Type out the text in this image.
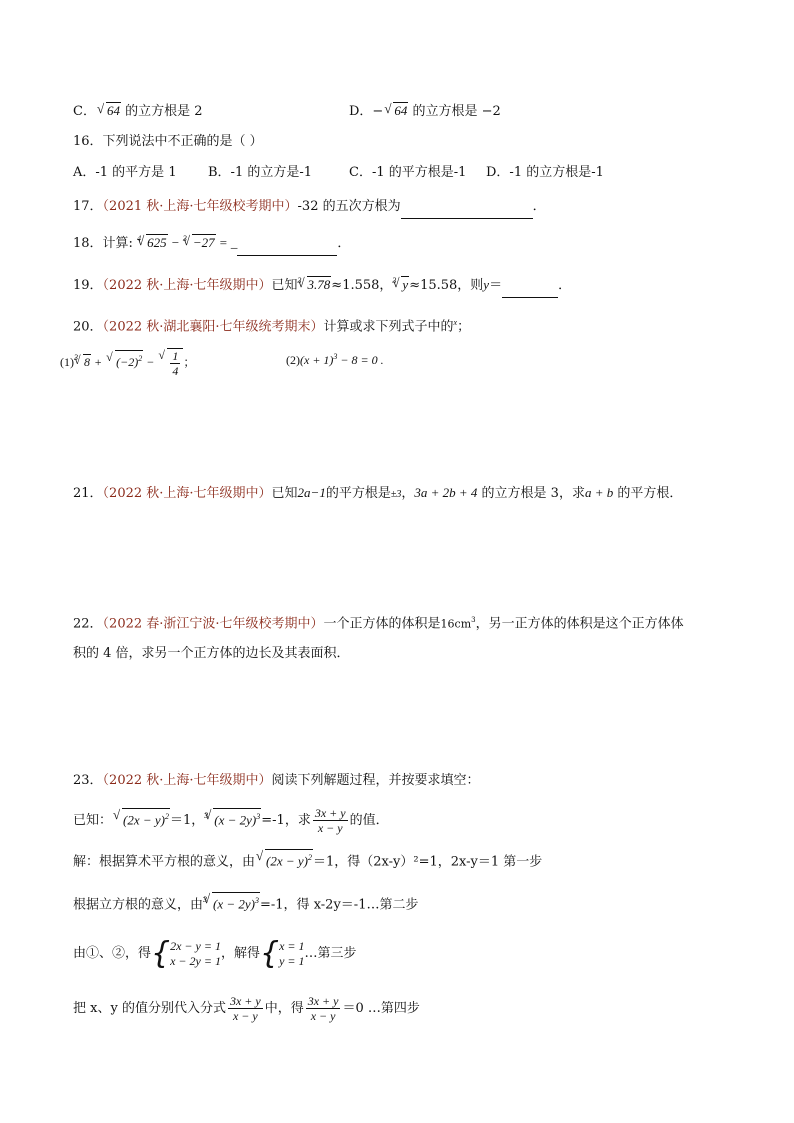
C．√ 64 的立方根是 2	D．−√ 64 的立方根是 −2
16．下列说法中不正确的是（ ）
A．-1 的平方是 1 B．-1 的立方是-1	C．-1 的平方根是-1 D．-1 的立方根是-1
17．（2021 秋·上海·七年级校考期中）-32 的五次方根为	．
18．计算: $^4$√ 625 − $^3$√ −27 = _	．
19．（2022 秋·上海·七年级期中）已知$^3$√ 3.78≈1.558，$^3$√ y≈15.58，则y＝	．
20．（2022 秋·湖北襄阳·七年级统考期末）计算或求下列式子中的$^x$；
$(1)^3√$ 8 + √ $(-2)^2$ −
√ $\frac{1}{4}$ ；	$(2)(x + 1)^3 - 8 = 0$ .
21．（2022 秋·上海·七年级期中）已知2a−1的平方根是±3，3a + 2b + 4 的立方根是 3，求a + b 的平方根．
22．（2022 春·浙江宁波·七年级校考期中）一个正方体的体积是$16cm^3$，另一正方体的体积是这个正方体体
积的 4 倍，求另一个正方体的边长及其表面积．
23．（2022 秋·上海·七年级期中）阅读下列解题过程，并按要求填空：
已知：√ $(2x - y)^2=1$，$^3$√ $(x - 2y)^3=-1$，求 $\frac{3x + y}{x - y}$ 的值．
解：根据算术平方根的意义，由√ $(2x - y)^2=1$，得（2x-y）²=1，2x-y＝1 第一步
根据立方根的意义，由$^3$√ $(x - 2y)^3=-1$，得 x-2y＝-1…第二步
由①、②，得{2x − y = 1
x − 2y = 1，解得{x = 1
y = 1…第三步
把 x、y 的值分别代入分式 $\frac{3x + y}{x - y}$ 中，得 $\frac{3x + y}{x - y} =0$ …第四步
